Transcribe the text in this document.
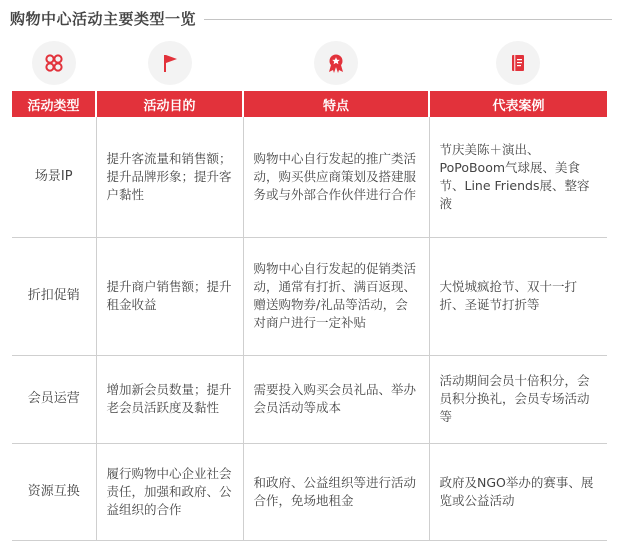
购物中心活动主要类型一览
活动类型	活动目的	特点	代表案例
场景IP	提升客流量和销售额；提升品牌形象；提升客户黏性	购物中心自行发起的推广类活动，购买供应商策划及搭建服务或与外部合作伙伴进行合作	节庆美陈＋演出、PoPoBoom气球展、美食节、Line Friends展、整容液
折扣促销	提升商户销售额；提升租金收益	购物中心自行发起的促销类活动，通常有打折、满百返现、赠送购物券/礼品等活动，会对商户进行一定补贴	大悦城疯抢节、双十一打折、圣诞节打折等
会员运营	增加新会员数量；提升老会员活跃度及黏性	需要投入购买会员礼品、举办会员活动等成本	活动期间会员十倍积分，会员积分换礼，会员专场活动等
资源互换	履行购物中心企业社会责任，加强和政府、公益组织的合作	和政府、公益组织等进行活动合作，免场地租金	政府及NGO举办的赛事、展览或公益活动
